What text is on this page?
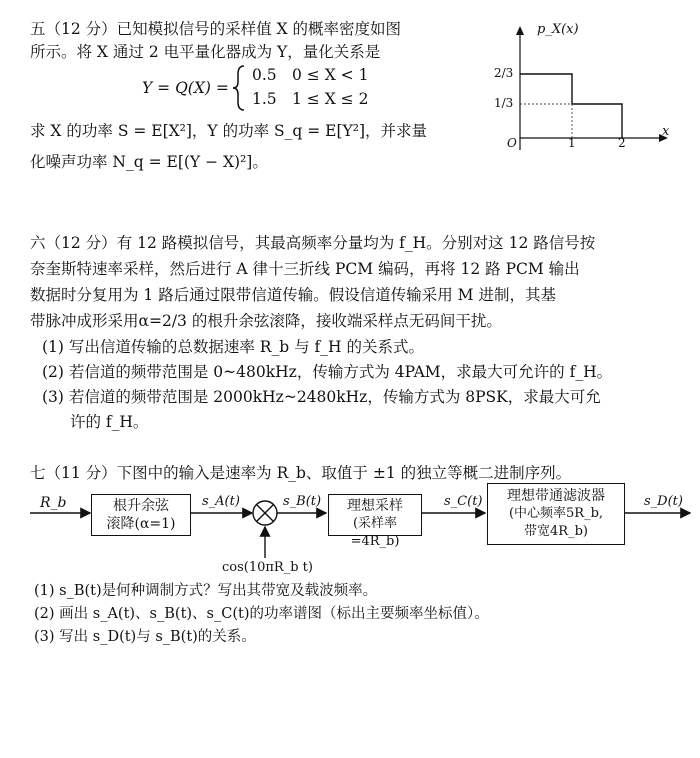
五（12 分）已知模拟信号的采样值 X 的概率密度如图
所示。将 X 通过 2 电平量化器成为 Y，量化关系是
Y = Q(X) =
0.5 0 ≤ X < 1
1.5 1 ≤ X ≤ 2
求 X 的功率 S = E[X²]，Y 的功率 S_q = E[Y²]，并求量
化噪声功率 N_q = E[(Y − X)²]。
p_X(x)
2/3
1/3
O	1	2
x
六（12 分）有 12 路模拟信号，其最高频率分量均为 f_H。分别对这 12 路信号按
奈奎斯特速率采样，然后进行 A 律十三折线 PCM 编码，再将 12 路 PCM 输出
数据时分复用为 1 路后通过限带信道传输。假设信道传输采用 M 进制，其基
带脉冲成形采用α=2/3 的根升余弦滚降，接收端采样点无码间干扰。
(1) 写出信道传输的总数据速率 R_b 与 f_H 的关系式。
(2) 若信道的频带范围是 0~480kHz，传输方式为 4PAM，求最大可允许的 f_H。
(3) 若信道的频带范围是 2000kHz~2480kHz，传输方式为 8PSK，求最大可允
许的 f_H。
七（11 分）下图中的输入是速率为 R_b、取值于 ±1 的独立等概二进制序列。
R_b	根升余弦
滚降(α=1)
s_A(t)	s_B(t)
cos(10πR_b t)
理想采样
(采样率=4R_b)
s_C(t)	理想带通滤波器
(中心频率5R_b,
带宽4R_b)
s_D(t)
(1) s_B(t)是何种调制方式？写出其带宽及载波频率。
(2) 画出 s_A(t)、s_B(t)、s_C(t)的功率谱图（标出主要频率坐标值）。
(3) 写出 s_D(t)与 s_B(t)的关系。
